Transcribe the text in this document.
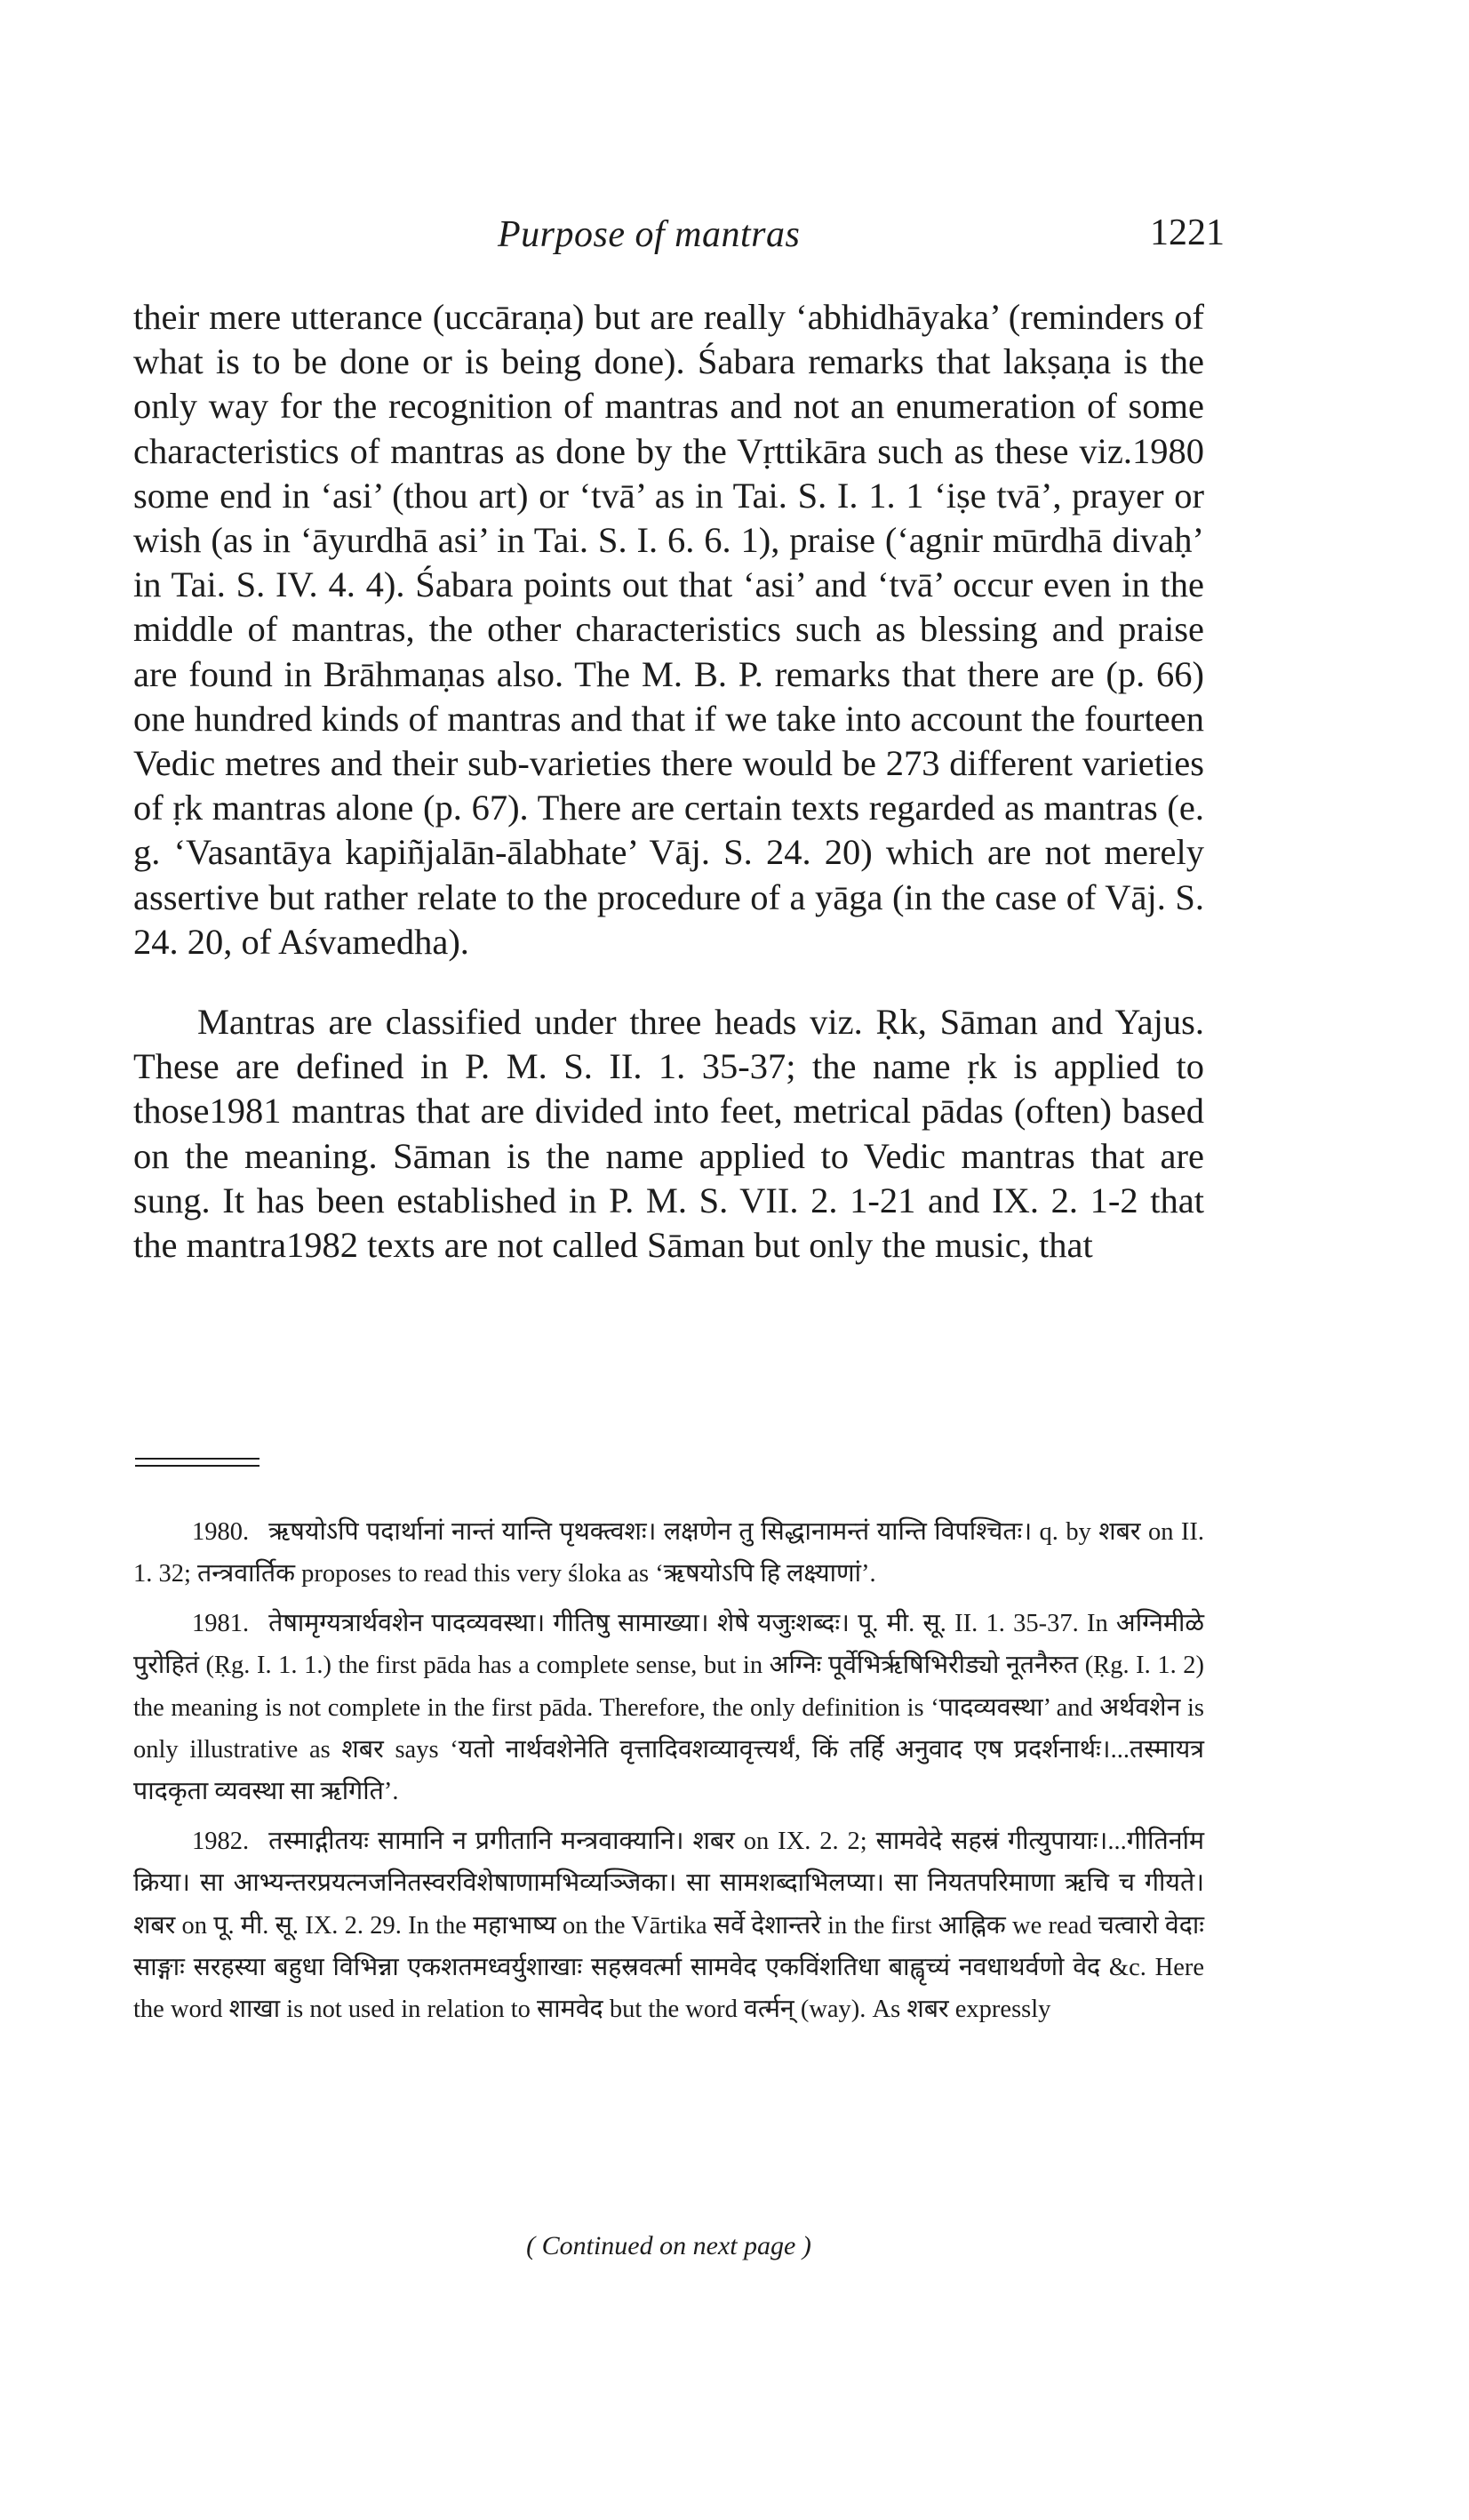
Purpose of mantras	1221

their mere utterance (uccāraṇa) but are really ‘abhidhāyaka’ (reminders of what is to be done or is being done). Śabara remarks that lakṣaṇa is the only way for the recognition of mantras and not an enumeration of some characteristics of mantras as done by the Vṛttikāra such as these viz.1980 some end in ‘asi’ (thou art) or ‘tvā’ as in Tai. S. I. 1. 1 ‘iṣe tvā’, prayer or wish (as in ‘āyurdhā asi’ in Tai. S. I. 6. 6. 1), praise (‘agnir mūrdhā divaḥ’ in Tai. S. IV. 4. 4). Śabara points out that ‘asi’ and ‘tvā’ occur even in the middle of mantras, the other characteristics such as blessing and praise are found in Brāhmaṇas also. The M. B. P. remarks that there are (p. 66) one hundred kinds of mantras and that if we take into account the fourteen Vedic metres and their sub-varieties there would be 273 different varieties of ṛk mantras alone (p. 67). There are certain texts regarded as mantras (e. g. ‘Vasantāya kapiñjalān-ālabhate’ Vāj. S. 24. 20) which are not merely assertive but rather relate to the procedure of a yāga (in the case of Vāj. S. 24. 20, of Aśvamedha).

Mantras are classified under three heads viz. Ṛk, Sāman and Yajus. These are defined in P. M. S. II. 1. 35-37; the name ṛk is applied to those1981 mantras that are divided into feet, metrical pādas (often) based on the meaning. Sāman is the name applied to Vedic mantras that are sung. It has been established in P. M. S. VII. 2. 1-21 and IX. 2. 1-2 that the mantra1982 texts are not called Sāman but only the music, that

1980. ऋषयोऽपि पदार्थानां नान्तं यान्ति पृथक्त्वशः। लक्षणेन तु सिद्धानामन्तं यान्ति विपश्चितः। q. by शबर on II. 1. 32; तन्त्रवार्तिक proposes to read this very śloka as ‘ऋषयोऽपि हि लक्ष्याणां’.

1981. तेषामृग्यत्रार्थवशेन पादव्यवस्था। गीतिषु सामाख्या। शेषे यजुःशब्दः। पू. मी. सू. II. 1. 35-37. In अग्निमीळे पुरोहितं (Ṛg. I. 1. 1.) the first pāda has a complete sense, but in अग्निः पूर्वेभिर्ऋषिभिरीड्यो नूतनैरुत (Ṛg. I. 1. 2) the meaning is not complete in the first pāda. Therefore, the only definition is ‘पादव्यवस्था’ and अर्थवशेन is only illustrative as शबर says ‘यतो नार्थवशेनेति वृत्तादिवशव्यावृत्त्यर्थं, किं तर्हि अनुवाद एष प्रदर्शनार्थः।...तस्मायत्र पादकृता व्यवस्था सा ऋगिति’.

1982. तस्माद्गीतयः सामानि न प्रगीतानि मन्त्रवाक्यानि। शबर on IX. 2. 2; सामवेदे सहस्रं गीत्युपायाः।...गीतिर्नाम क्रिया। सा आभ्यन्तरप्रयत्नजनितस्वरविशेषाणामभिव्यञ्जिका। सा सामशब्दाभिलप्या। सा नियतपरिमाणा ऋचि च गीयते। शबर on पू. मी. सू. IX. 2. 29. In the महाभाष्य on the Vārtika सर्वे देशान्तरे in the first आह्निक we read चत्वारो वेदाः साङ्गाः सरहस्या बहुधा विभिन्ना एकशतमध्वर्युशाखाः सहस्रवर्त्मा सामवेद एकविंशतिधा बाह्वृच्यं नवधाथर्वणो वेद &c. Here the word शाखा is not used in relation to सामवेद but the word वर्त्मन् (way). As शबर expressly

( Continued on next page )
